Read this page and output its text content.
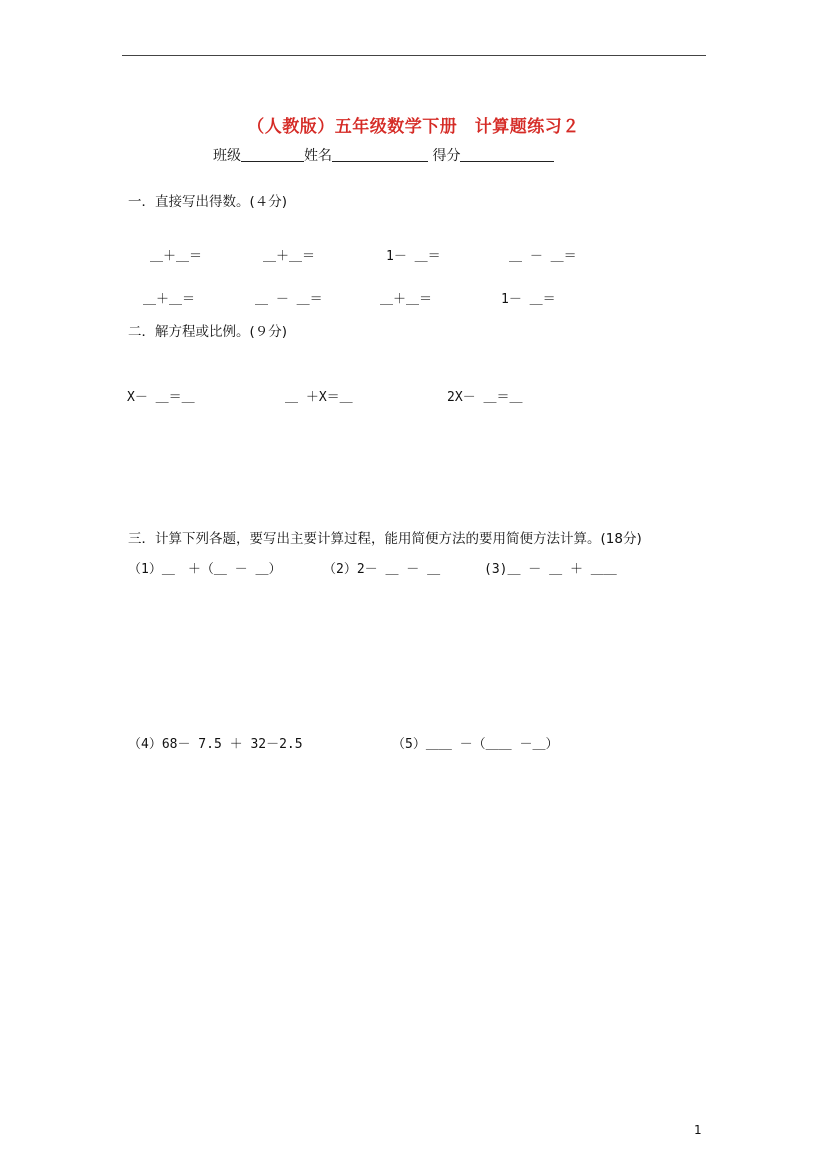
（人教版）五年级数学下册　计算题练习２
班级	姓名	得分
一．直接写出得数。(４分)
＿＋＿＝	＿＋＿＝	1－ ＿＝	＿ － ＿＝
＿＋＿＝	＿ － ＿＝	＿＋＿＝	1－ ＿＝
二．解方程或比例。(９分)
X－ ＿＝＿	＿ ＋X＝＿	2X－ ＿＝＿
三．计算下列各题，要写出主要计算过程，能用简便方法的要用简便方法计算。(18分)
（1）＿　＋（＿ － ＿）	（2）2－ ＿ － ＿	(3)＿ － ＿ ＋ ＿＿
（4）68－ 7.5 ＋ 32－2.5	（5）＿＿ －（＿＿ －＿）
1
